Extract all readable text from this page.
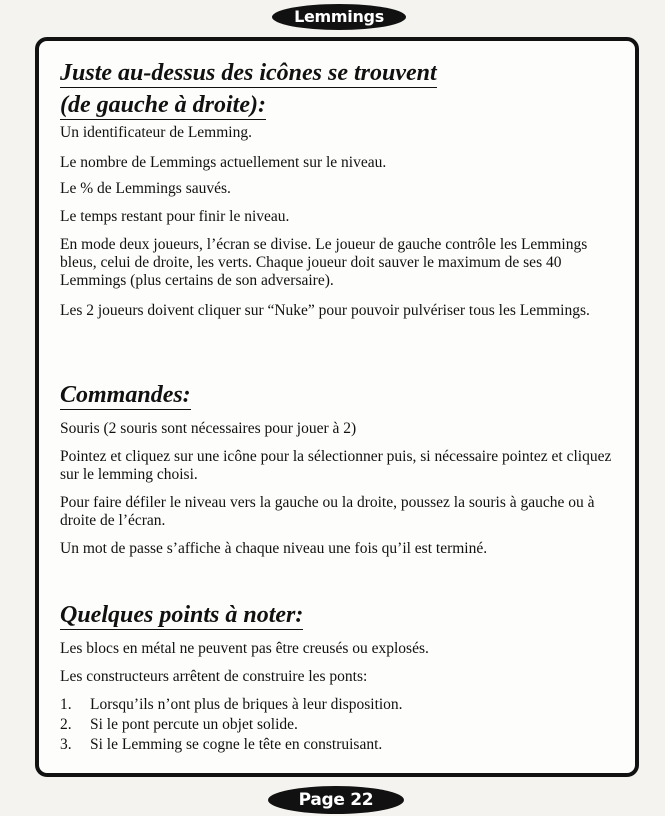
Lemmings
Juste au-dessus des icônes se trouvent
(de gauche à droite):
Un identificateur de Lemming.
Le nombre de Lemmings actuellement sur le niveau.
Le % de Lemmings sauvés.
Le temps restant pour finir le niveau.
En mode deux joueurs, l’écran se divise. Le joueur de gauche contrôle les Lemmings bleus, celui de droite, les verts. Chaque joueur doit sauver le maximum de ses 40 Lemmings (plus certains de son adversaire).
Les 2 joueurs doivent cliquer sur “Nuke” pour pouvoir pulvériser tous les Lemmings.
Commandes:
Souris (2 souris sont nécessaires pour jouer à 2)
Pointez et cliquez sur une icône pour la sélectionner puis, si nécessaire pointez et cliquez sur le lemming choisi.
Pour faire défiler le niveau vers la gauche ou la droite, poussez la souris à gauche ou à droite de l’écran.
Un mot de passe s’affiche à chaque niveau une fois qu’il est terminé.
Quelques points à noter:
Les blocs en métal ne peuvent pas être creusés ou explosés.
Les constructeurs arrêtent de construire les ponts:
1. Lorsqu’ils n’ont plus de briques à leur disposition.
2. Si le pont percute un objet solide.
3. Si le Lemming se cogne le tête en construisant.
Page 22
